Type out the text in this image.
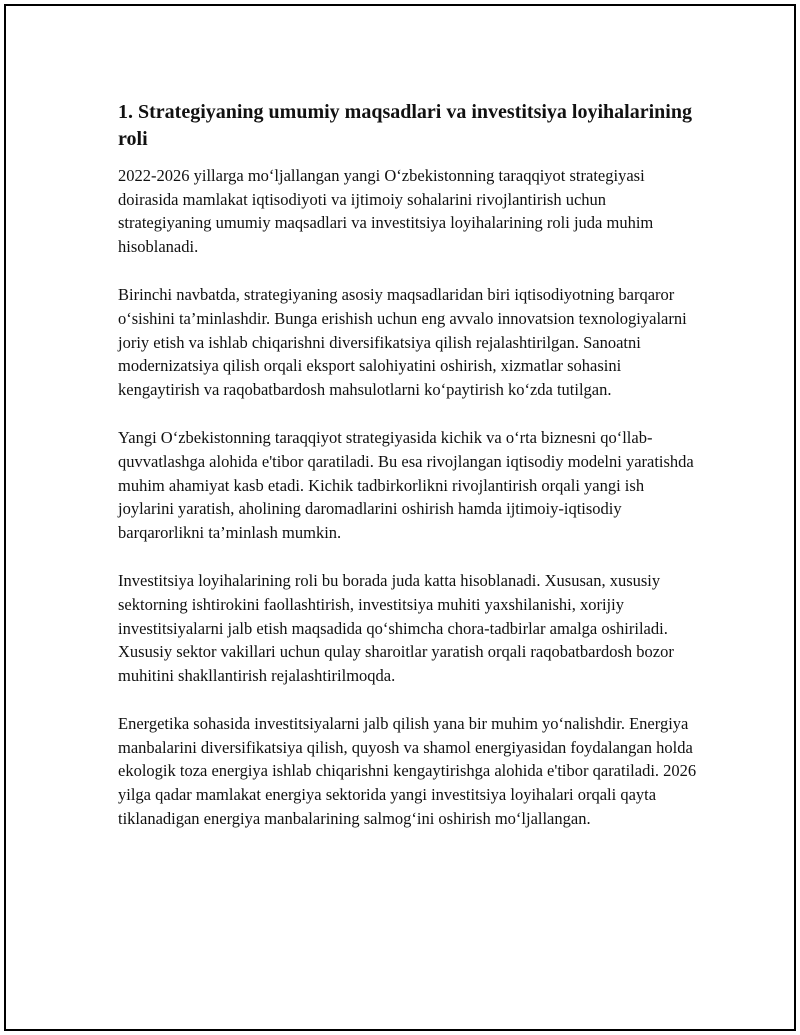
1. Strategiyaning umumiy maqsadlari va investitsiya loyihalarining roli

2022-2026 yillarga mo‘ljallangan yangi O‘zbekistonning taraqqiyot strategiyasi doirasida mamlakat iqtisodiyoti va ijtimoiy sohalarini rivojlantirish uchun strategiyaning umumiy maqsadlari va investitsiya loyihalarining roli juda muhim hisoblanadi.

Birinchi navbatda, strategiyaning asosiy maqsadlaridan biri iqtisodiyotning barqaror o‘sishini ta’minlashdir. Bunga erishish uchun eng avvalo innovatsion texnologiyalarni joriy etish va ishlab chiqarishni diversifikatsiya qilish rejalashtirilgan. Sanoatni modernizatsiya qilish orqali eksport salohiyatini oshirish, xizmatlar sohasini kengaytirish va raqobatbardosh mahsulotlarni ko‘paytirish ko‘zda tutilgan.

Yangi O‘zbekistonning taraqqiyot strategiyasida kichik va o‘rta biznesni qo‘llab-quvvatlashga alohida e'tibor qaratiladi. Bu esa rivojlangan iqtisodiy modelni yaratishda muhim ahamiyat kasb etadi. Kichik tadbirkorlikni rivojlantirish orqali yangi ish joylarini yaratish, aholining daromadlarini oshirish hamda ijtimoiy-iqtisodiy barqarorlikni ta’minlash mumkin.

Investitsiya loyihalarining roli bu borada juda katta hisoblanadi. Xususan, xususiy sektorning ishtirokini faollashtirish, investitsiya muhiti yaxshilanishi, xorijiy investitsiyalarni jalb etish maqsadida qo‘shimcha chora-tadbirlar amalga oshiriladi. Xususiy sektor vakillari uchun qulay sharoitlar yaratish orqali raqobatbardosh bozor muhitini shakllantirish rejalashtirilmoqda.

Energetika sohasida investitsiyalarni jalb qilish yana bir muhim yo‘nalishdir. Energiya manbalarini diversifikatsiya qilish, quyosh va shamol energiyasidan foydalangan holda ekologik toza energiya ishlab chiqarishni kengaytirishga alohida e'tibor qaratiladi. 2026 yilga qadar mamlakat energiya sektorida yangi investitsiya loyihalari orqali qayta tiklanadigan energiya manbalarining salmog‘ini oshirish mo‘ljallangan.
